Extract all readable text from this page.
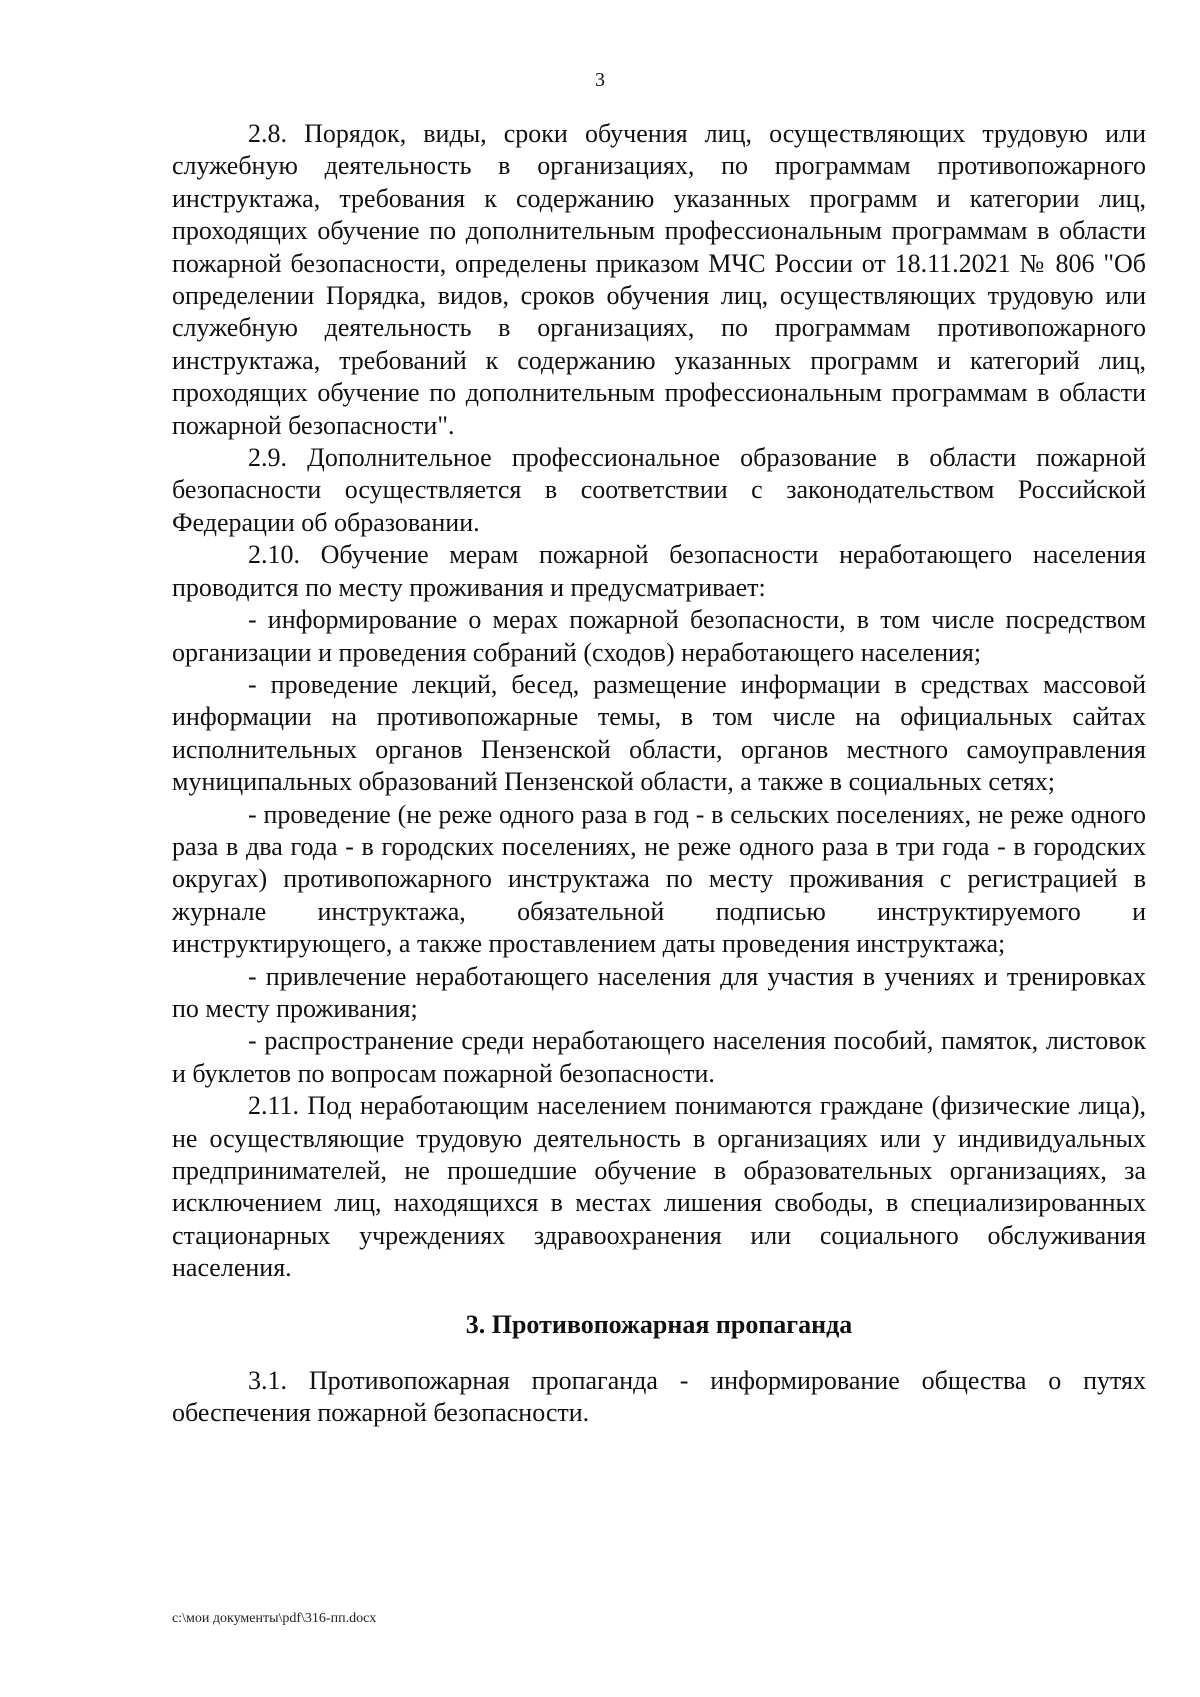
3

2.8. Порядок, виды, сроки обучения лиц, осуществляющих трудовую или служебную деятельность в организациях, по программам противопожарного инструктажа, требования к содержанию указанных программ и категории лиц, проходящих обучение по дополнительным профессиональным программам в области пожарной безопасности, определены приказом МЧС России от 18.11.2021 № 806 "Об определении Порядка, видов, сроков обучения лиц, осуществляющих трудовую или служебную деятельность в организациях, по программам противопожарного инструктажа, требований к содержанию указанных программ и категорий лиц, проходящих обучение по дополнительным профессиональным программам в области пожарной безопасности".

2.9. Дополнительное профессиональное образование в области пожарной безопасности осуществляется в соответствии с законодательством Российской Федерации об образовании.

2.10. Обучение мерам пожарной безопасности неработающего населения проводится по месту проживания и предусматривает:

- информирование о мерах пожарной безопасности, в том числе посредством организации и проведения собраний (сходов) неработающего населения;

- проведение лекций, бесед, размещение информации в средствах массовой информации на противопожарные темы, в том числе на официальных сайтах исполнительных органов Пензенской области, органов местного самоуправления муниципальных образований Пензенской области, а также в социальных сетях;

- проведение (не реже одного раза в год - в сельских поселениях, не реже одного раза в два года - в городских поселениях, не реже одного раза в три года - в городских округах) противопожарного инструктажа по месту проживания с регистрацией в журнале инструктажа, обязательной подписью инструктируемого и инструктирующего, а также проставлением даты проведения инструктажа;

- привлечение неработающего населения для участия в учениях и тренировках по месту проживания;

- распространение среди неработающего населения пособий, памяток, листовок и буклетов по вопросам пожарной безопасности.

2.11. Под неработающим населением понимаются граждане (физические лица), не осуществляющие трудовую деятельность в организациях или у индивидуальных предпринимателей, не прошедшие обучение в образовательных организациях, за исключением лиц, находящихся в местах лишения свободы, в специализированных стационарных учреждениях здравоохранения или социального обслуживания населения.

3. Противопожарная пропаганда

3.1. Противопожарная пропаганда - информирование общества о путях обеспечения пожарной безопасности.

c:\мои документы\pdf\316-пп.docx
